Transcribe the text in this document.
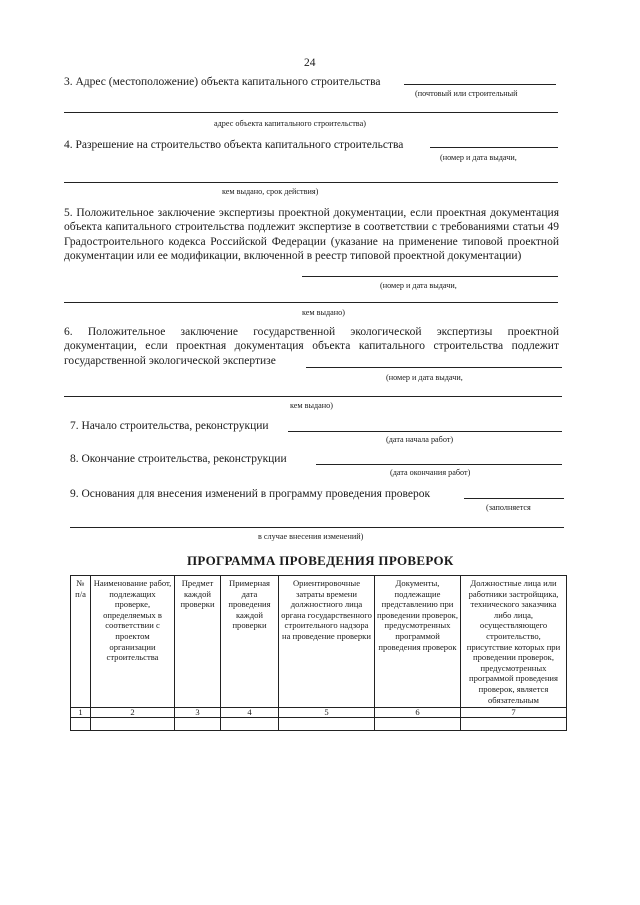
24
3. Адрес (местоположение) объекта капитального строительства
(почтовый или строительный
адрес объекта капитального строительства)
4. Разрешение на строительство объекта капитального строительства
(номер и дата выдачи,
кем выдано, срок действия)
5. Положительное заключение экспертизы проектной документации, если проектная документация объекта капитального строительства подлежит экспертизе в соответствии с требованиями статьи 49 Градостроительного кодекса Российской Федерации (указание на применение типовой проектной документации или ее модификации, включенной в реестр типовой проектной документации)
(номер и дата выдачи,
кем выдано)
6. Положительное заключение государственной экологической экспертизы проектной документации, если проектная документация объекта капитального строительства подлежит государственной экологической экспертизе
(номер и дата выдачи,
кем выдано)
7. Начало строительства, реконструкции
(дата начала работ)
8. Окончание строительства, реконструкции
(дата окончания работ)
9. Основания для внесения изменений в программу проведения проверок
(заполняется
в случае внесения изменений)
ПРОГРАММА ПРОВЕДЕНИЯ ПРОВЕРОК
№ п/а	Наименование работ, подлежащих проверке, определяемых в соответствии с проектом организации строительства	Предмет каждой проверки	Примерная дата проведения каждой проверки	Ориентировочные затраты времени должностного лица органа государственного строительного надзора на проведение проверки	Документы, подлежащие представлению при проведении проверок, предусмотренных программой проведения проверок	Должностные лица или работники застройщика, технического заказчика либо лица, осуществляющего строительство, присутствие которых при проведении проверок, предусмотренных программой проведения проверок, является обязательным
1	2	3	4	5	6	7
